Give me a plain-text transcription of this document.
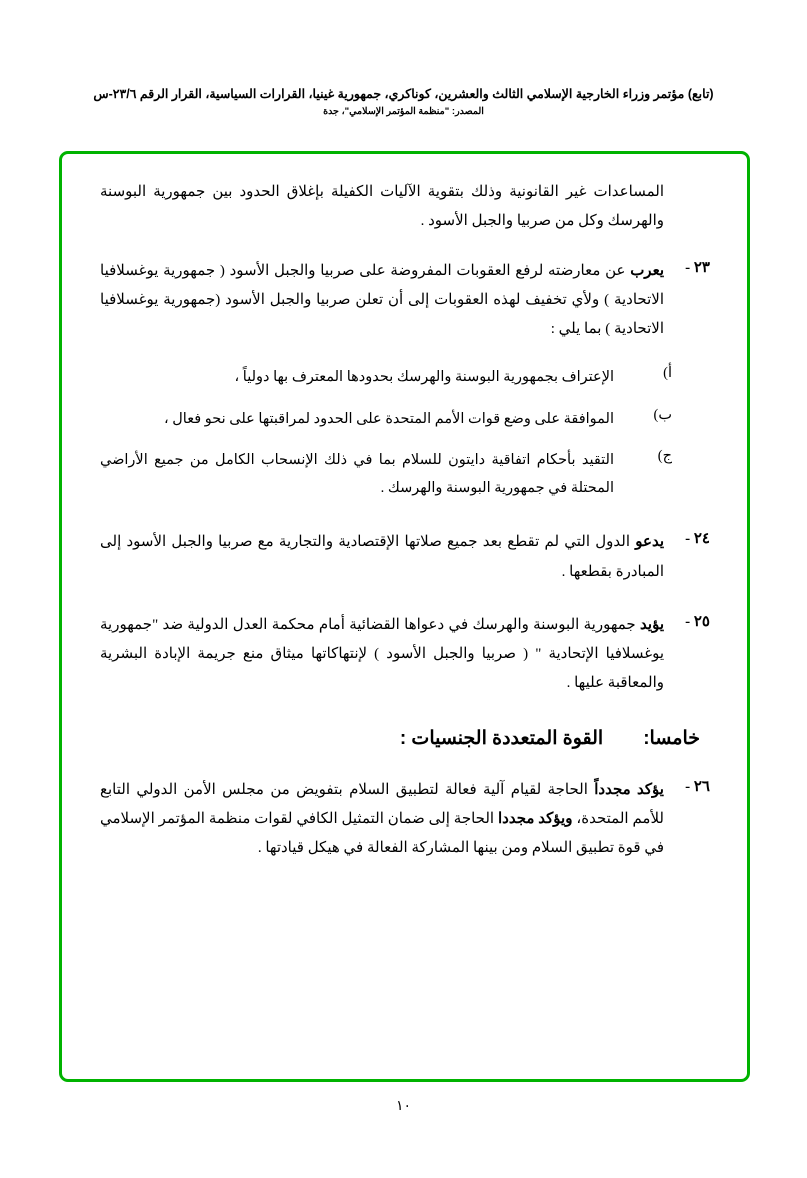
(تابع) مؤتمر وزراء الخارجية الإسلامي الثالث والعشرين، كوناكري، جمهورية غينيا، القرارات السياسية، القرار الرقم ٢٣/٦-س
المصدر: "منظمة المؤتمر الإسلامي"، جدة
المساعدات غير القانونية وذلك بتقوية الآليات الكفيلة بإغلاق الحدود بين جمهورية البوسنة والهرسك وكل من صربيا والجبل الأسود .
٢٣ -
يعرب عن معارضته لرفع العقوبات المفروضة على صربيا والجبل الأسود ( جمهورية يوغسلافيا الاتحادية ) ولأي تخفيف لهذه العقوبات إلى أن تعلن صربيا والجبل الأسود (جمهورية يوغسلافيا الاتحادية ) بما يلي :
أ)
الإعتراف بجمهورية البوسنة والهرسك بحدودها المعترف بها دولياً ،
ب)
الموافقة على وضع قوات الأمم المتحدة على الحدود لمراقبتها على نحو فعال ،
ج)
التقيد بأحكام اتفاقية دايتون للسلام بما في ذلك الإنسحاب الكامل من جميع الأراضي المحتلة في جمهورية البوسنة والهرسك .
٢٤ -
يدعو الدول التي لم تقطع بعد جميع صلاتها الإقتصادية والتجارية مع صربيا والجبل الأسود إلى المبادرة بقطعها .
٢٥ -
يؤيد جمهورية البوسنة والهرسك في دعواها القضائية أمام محكمة العدل الدولية ضد "جمهورية يوغسلافيا الإتحادية " ( صربيا والجبل الأسود ) لإنتهاكاتها ميثاق منع جريمة الإبادة البشرية والمعاقبة عليها .
خامسا:
القوة المتعددة الجنسيات :
٢٦ -
يؤكد مجدداً الحاجة لقيام آلية فعالة لتطبيق السلام بتفويض من مجلس الأمن الدولي التابع للأمم المتحدة، ويؤكد مجددا الحاجة إلى ضمان التمثيل الكافي لقوات منظمة المؤتمر الإسلامي في قوة تطبيق السلام ومن بينها المشاركة الفعالة في هيكل قيادتها .
١٠
